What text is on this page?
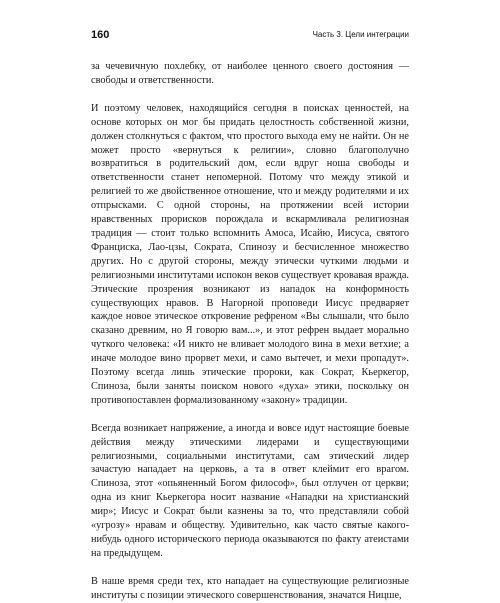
160	Часть 3. Цели интеграции

за чечевичную похлебку, от наиболее ценного своего достояния — свободы и ответственности.

И поэтому человек, находящийся сегодня в поисках ценностей, на основе которых он мог бы придать целостность собственной жизни, должен столкнуться с фактом, что простого выхода ему не найти. Он не может просто «вернуться к религии», словно благополучно возвратиться в родительский дом, если вдруг ноша свободы и ответственности станет непомерной. Потому что между этикой и религией то же двойственное отношение, что и между родителями и их отпрысками. С одной стороны, на протяжении всей истории нравственных прорисков порождала и вскармливала религиозная традиция — стоит только вспомнить Амоса, Исайю, Иисуса, святого Франциска, Лао-цзы, Сократа, Спинозу и бесчисленное множество других. Но с другой стороны, между этически чуткими людьми и религиозными институтами испокон веков существует кровавая вражда. Этические прозрения возникают из нападок на конформность существующих нравов. В Нагорной проповеди Иисус предваряет каждое новое этическое откровение рефреном «Вы слышали, что было сказано древним, но Я говорю вам...», и этот рефрен выдает морально чуткого человека: «И никто не вливает молодого вина в мехи ветхие; а иначе молодое вино прорвет мехи, и само вытечет, и мехи пропадут». Поэтому всегда лишь этические пророки, как Сократ, Кьеркегор, Спиноза, были заняты поиском нового «духа» этики, поскольку он противопоставлен формализованному «закону» традиции.

Всегда возникает напряжение, а иногда и вовсе идут настоящие боевые действия между этическими лидерами и существующими религиозными, социальными институтами, сам этический лидер зачастую нападает на церковь, а та в ответ клеймит его врагом. Спиноза, этот «опьяненный Богом философ», был отлучен от церкви; одна из книг Кьеркегора носит название «Нападки на христианский мир»; Иисус и Сократ были казнены за то, что представляли собой «угрозу» нравам и обществу. Удивительно, как часто святые какого-нибудь одного исторического периода оказываются по факту атеистами на предыдущем.

В наше время среди тех, кто нападает на существующие религиозные институты с позиции этического совершенствования, значатся Ницше,
